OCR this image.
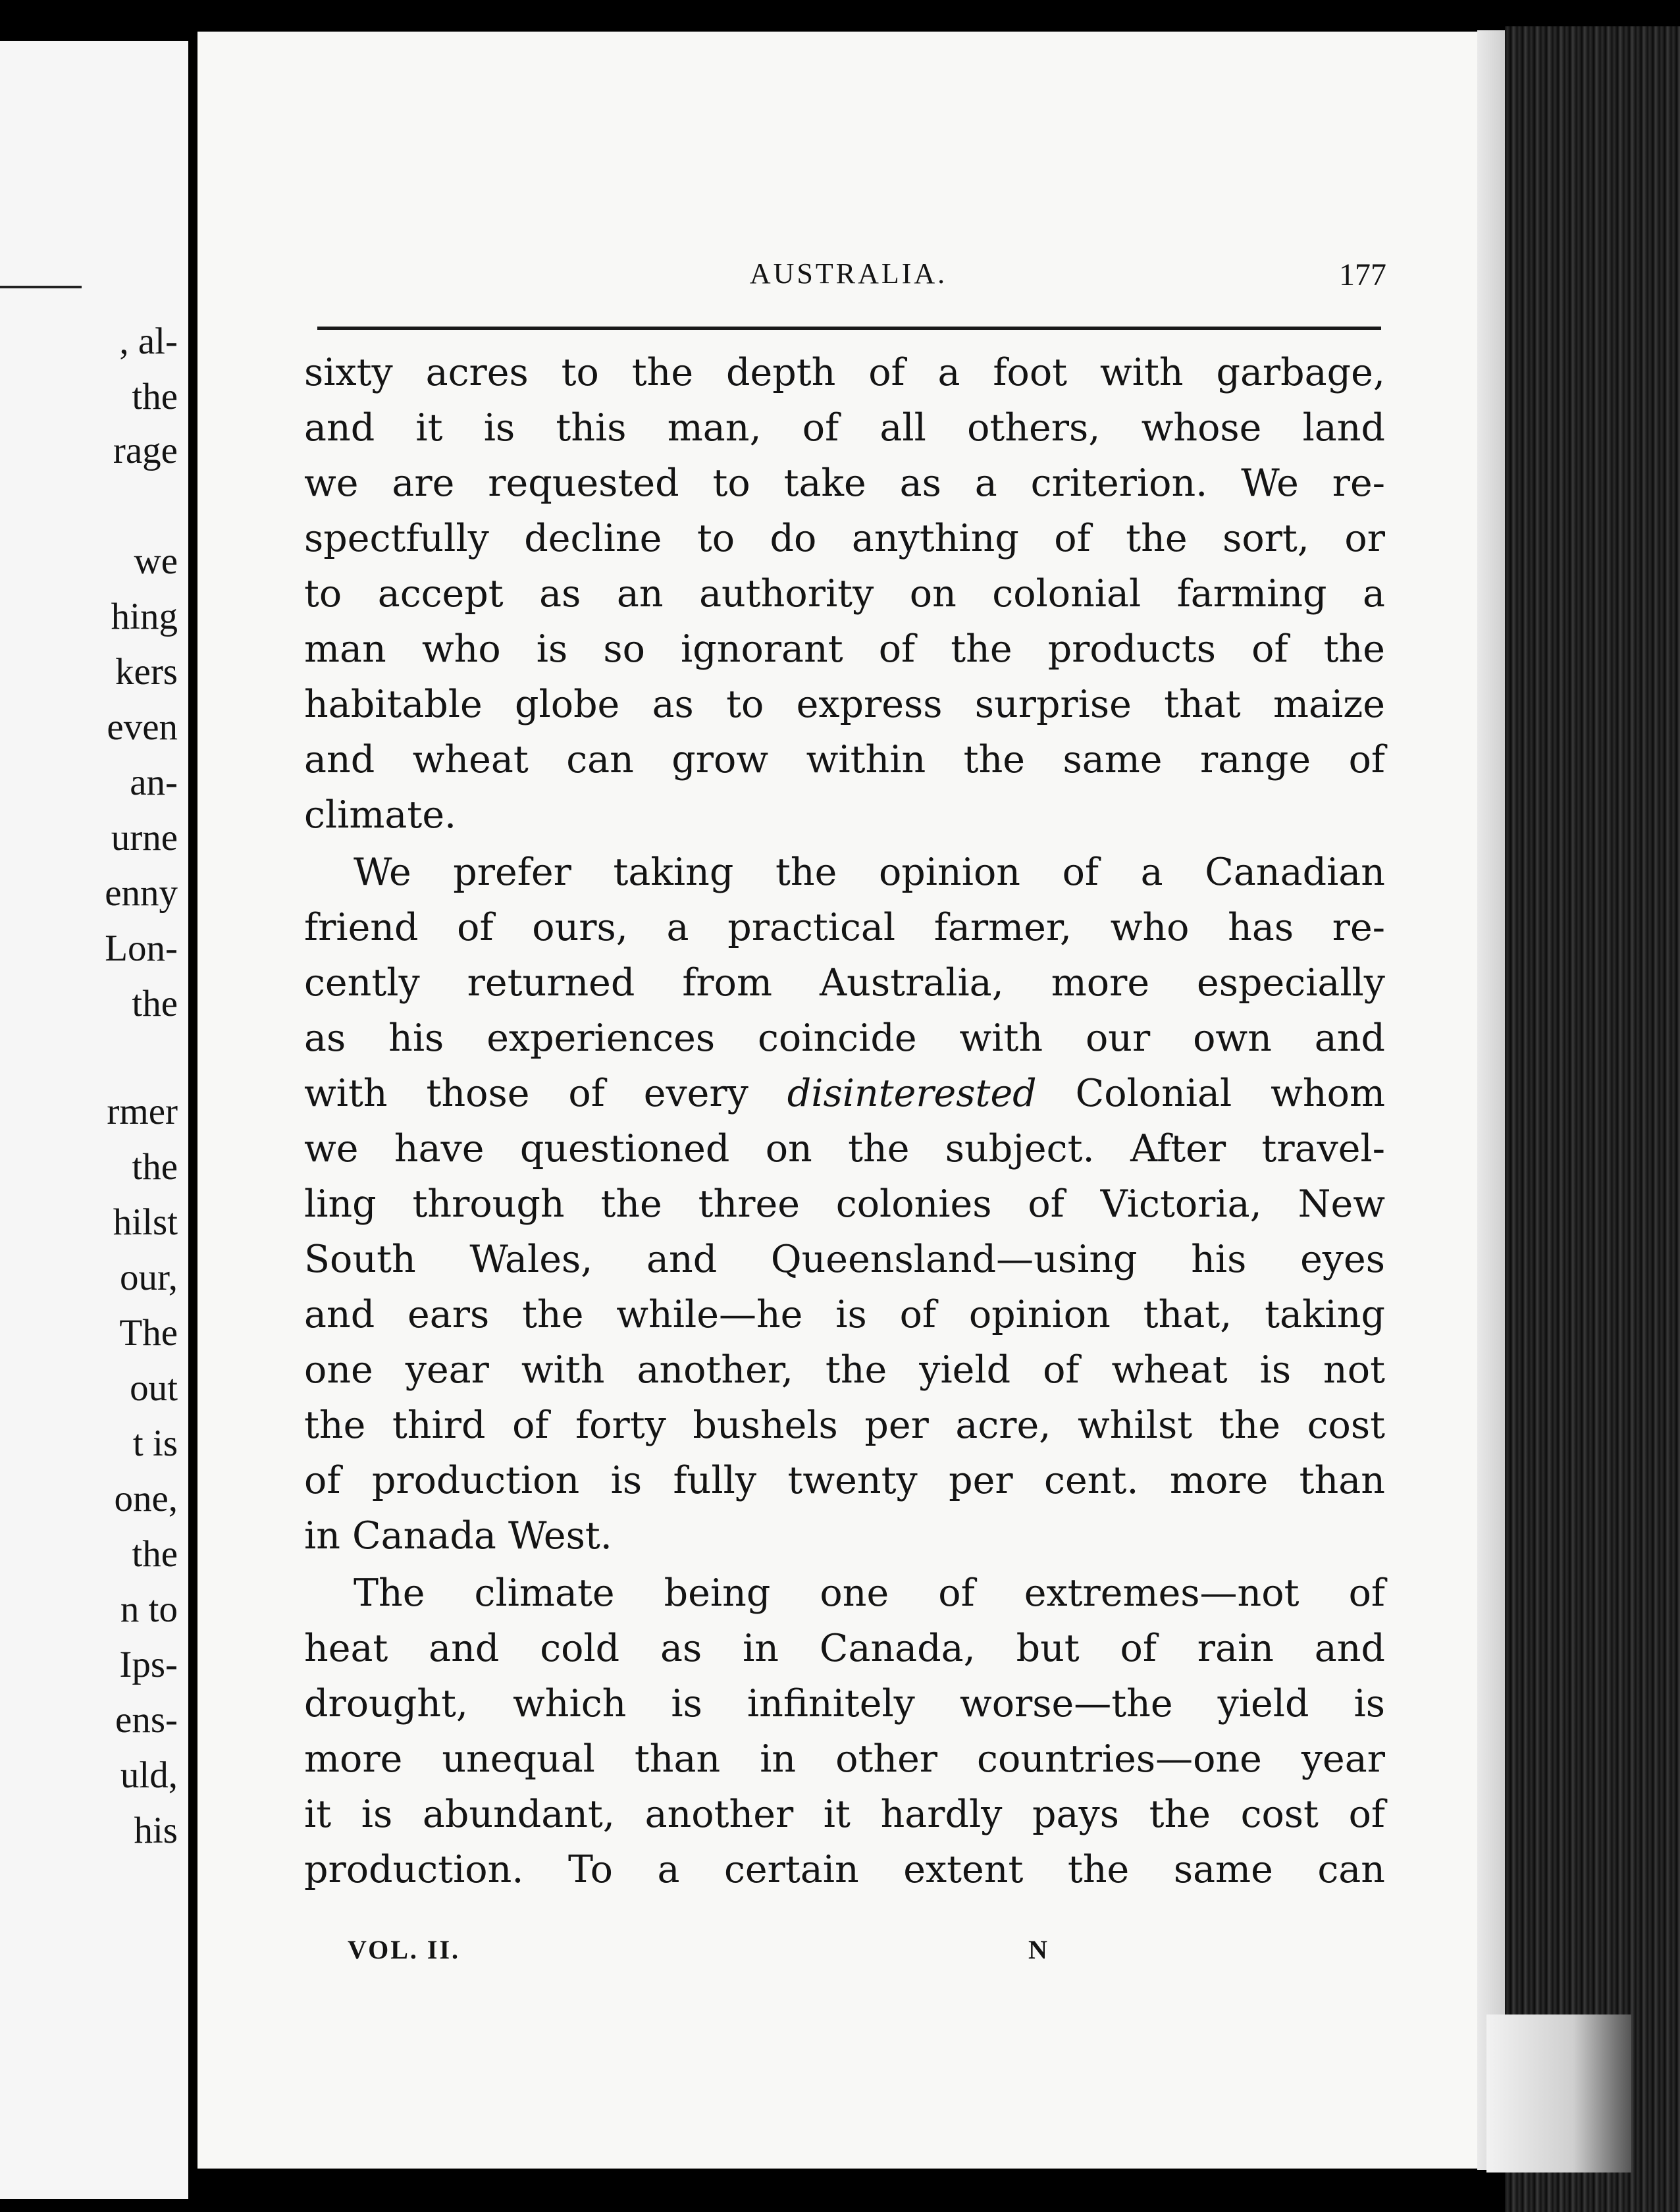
, al-

the

rage

we

hing

kers

even

an-

urne

enny

Lon-

the

rmer

the

hilst

our,

The

out

t is

one,

the

n to

Ips-

ens-

uld,

his

AUSTRALIA.	177

sixty acres to the depth of a foot with garbage,

and it is this man, of all others, whose land

we are requested to take as a criterion. We re-

spectfully decline to do anything of the sort, or

to accept as an authority on colonial farming a

man who is so ignorant of the products of the

habitable globe as to express surprise that maize

and wheat can grow within the same range of

climate.

We prefer taking the opinion of a Canadian

friend of ours, a practical farmer, who has re-

cently returned from Australia, more especially

as his experiences coincide with our own and

with those of every disinterested Colonial whom

we have questioned on the subject. After travel-

ling through the three colonies of Victoria, New

South Wales, and Queensland—using his eyes

and ears the while—he is of opinion that, taking

one year with another, the yield of wheat is not

the third of forty bushels per acre, whilst the cost

of production is fully twenty per cent. more than

in Canada West.

The climate being one of extremes—not of

heat and cold as in Canada, but of rain and

drought, which is infinitely worse—the yield is

more unequal than in other countries—one year

it is abundant, another it hardly pays the cost of

production. To a certain extent the same can

VOL. II.	N
